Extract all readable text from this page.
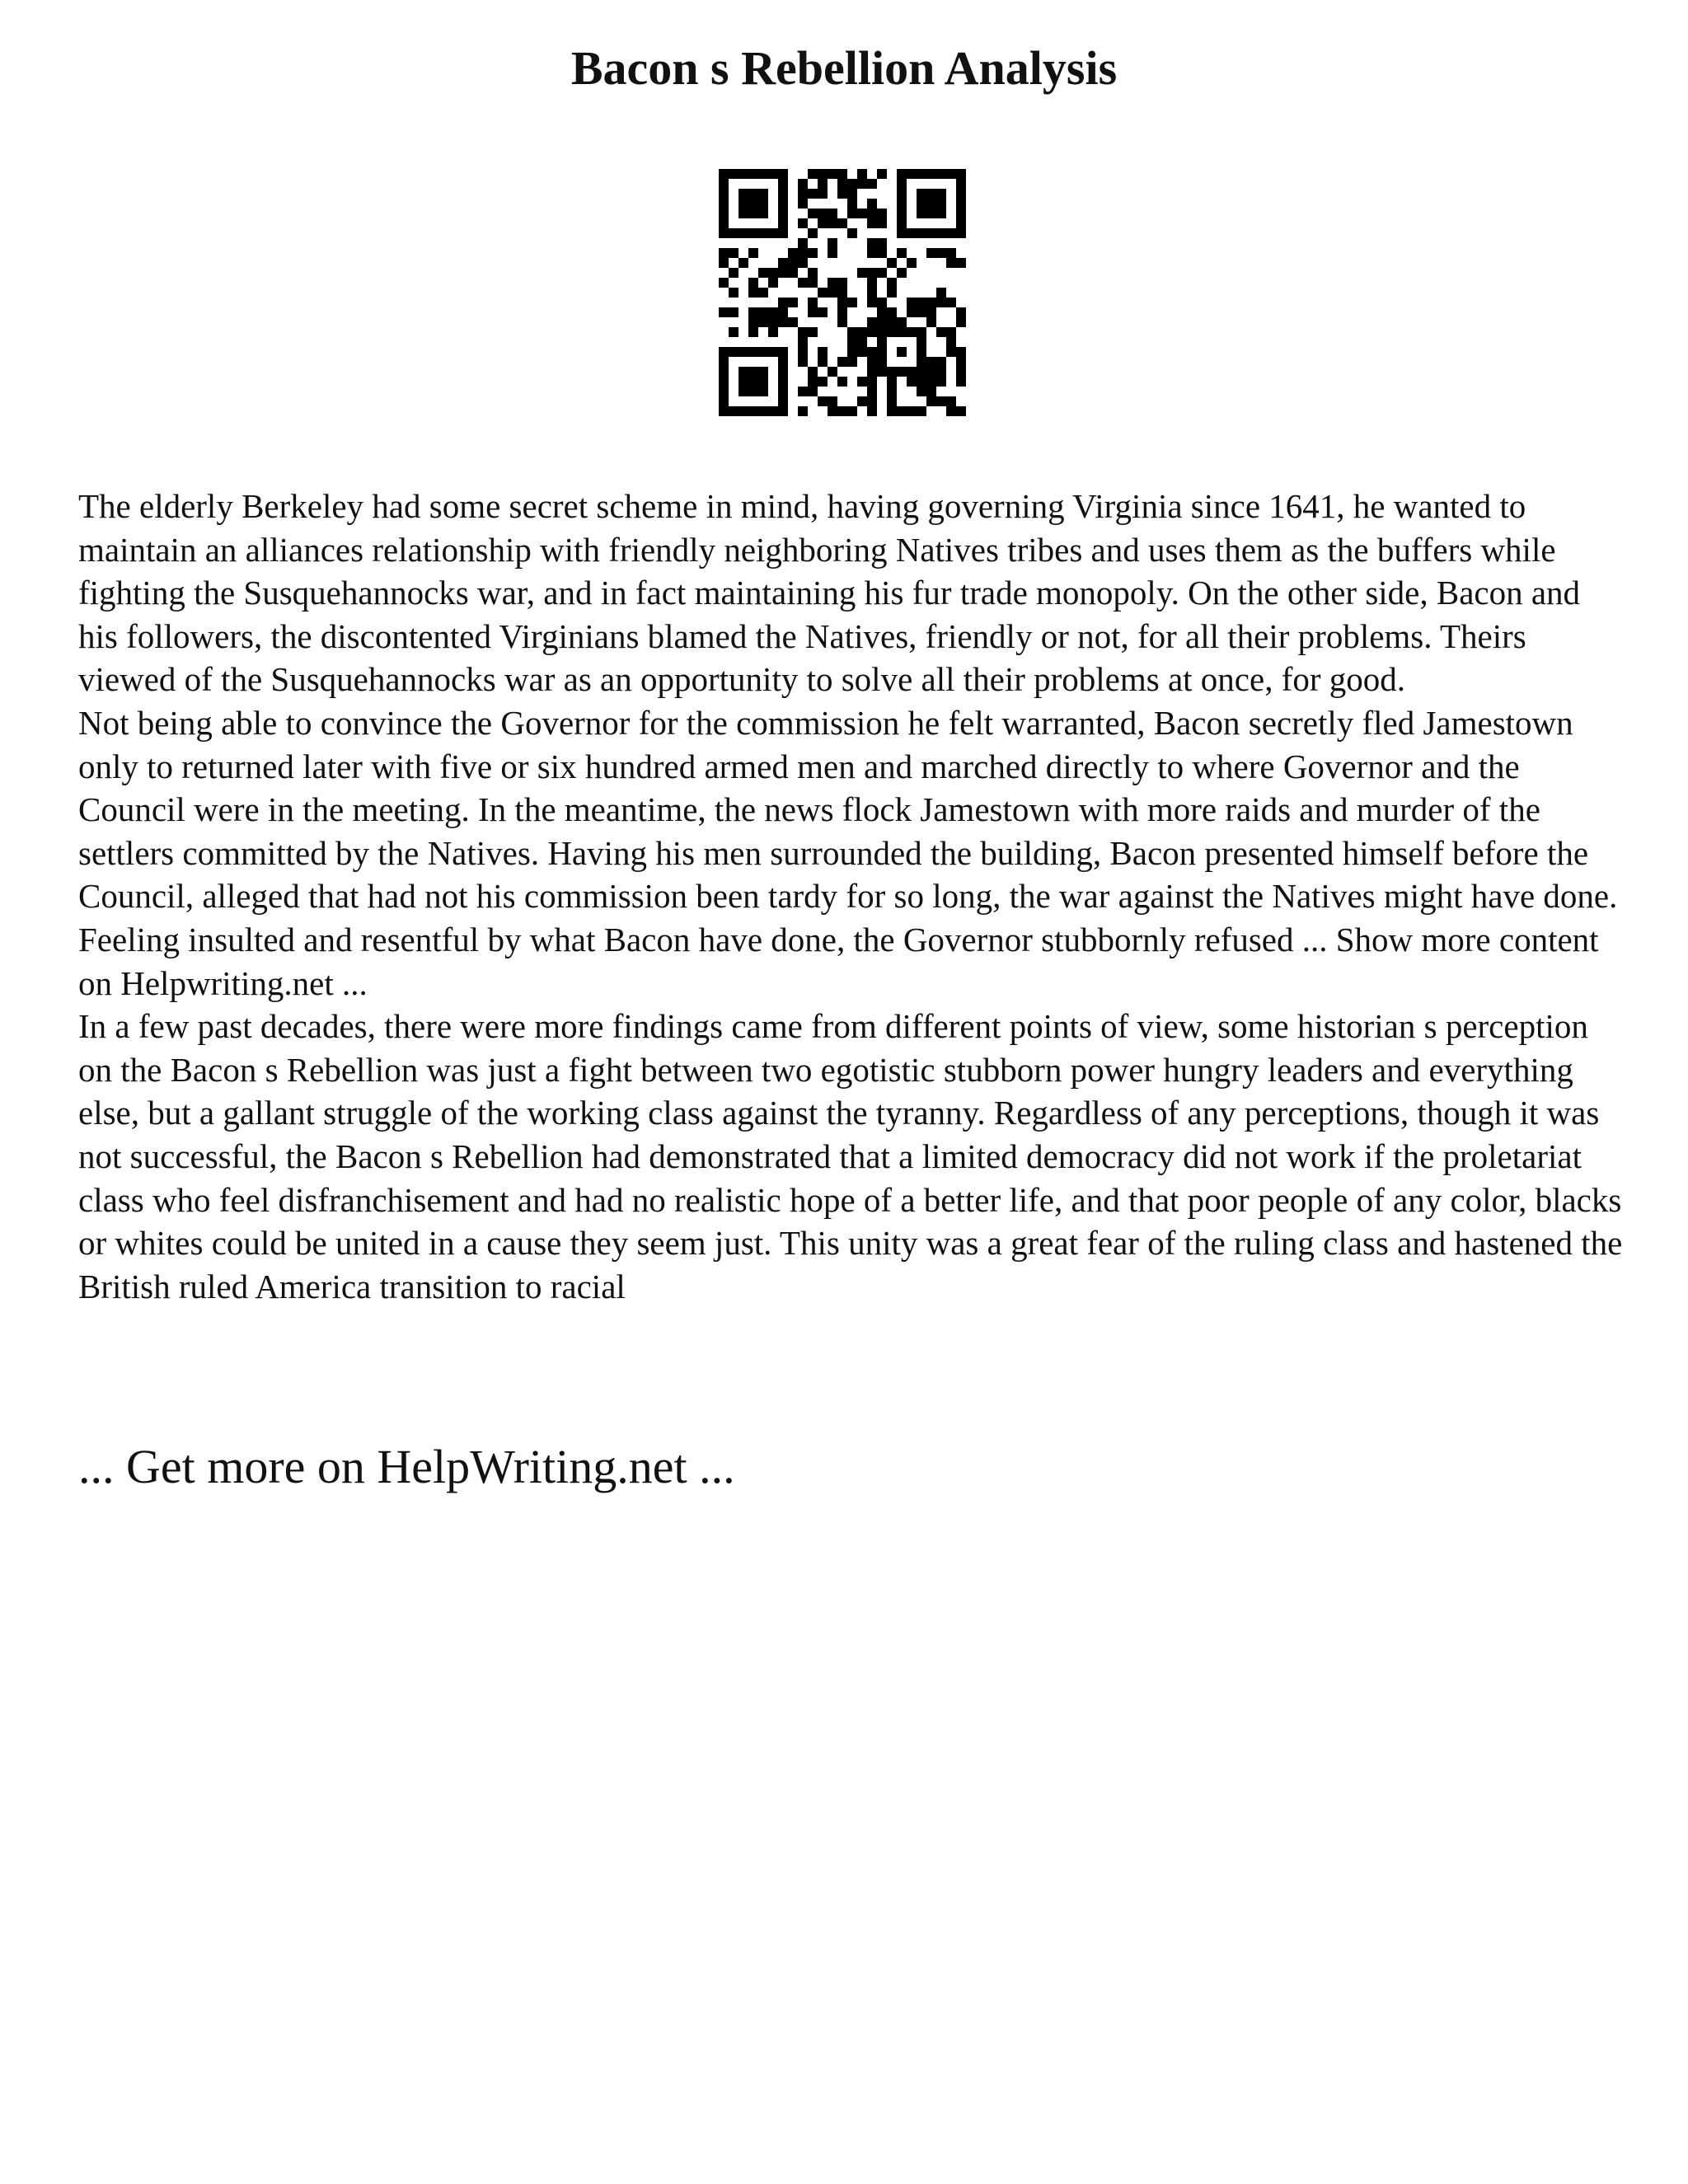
Bacon s Rebellion Analysis

The elderly Berkeley had some secret scheme in mind, having governing Virginia since 1641, he wanted to maintain an alliances relationship with friendly neighboring Natives tribes and uses them as the buffers while fighting the Susquehannocks war, and in fact maintaining his fur trade monopoly. On the other side, Bacon and his followers, the discontented Virginians blamed the Natives, friendly or not, for all their problems. Theirs viewed of the Susquehannocks war as an opportunity to solve all their problems at once, for good.

Not being able to convince the Governor for the commission he felt warranted, Bacon secretly fled Jamestown only to returned later with five or six hundred armed men and marched directly to where Governor and the Council were in the meeting. In the meantime, the news flock Jamestown with more raids and murder of the settlers committed by the Natives. Having his men surrounded the building, Bacon presented himself before the Council, alleged that had not his commission been tardy for so long, the war against the Natives might have done. Feeling insulted and resentful by what Bacon have done, the Governor stubbornly refused ... Show more content on Helpwriting.net ...

In a few past decades, there were more findings came from different points of view, some historian s perception on the Bacon s Rebellion was just a fight between two egotistic stubborn power hungry leaders and everything else, but a gallant struggle of the working class against the tyranny. Regardless of any perceptions, though it was not successful, the Bacon s Rebellion had demonstrated that a limited democracy did not work if the proletariat class who feel disfranchisement and had no realistic hope of a better life, and that poor people of any color, blacks or whites could be united in a cause they seem just. This unity was a great fear of the ruling class and hastened the British ruled America transition to racial

... Get more on HelpWriting.net ...
